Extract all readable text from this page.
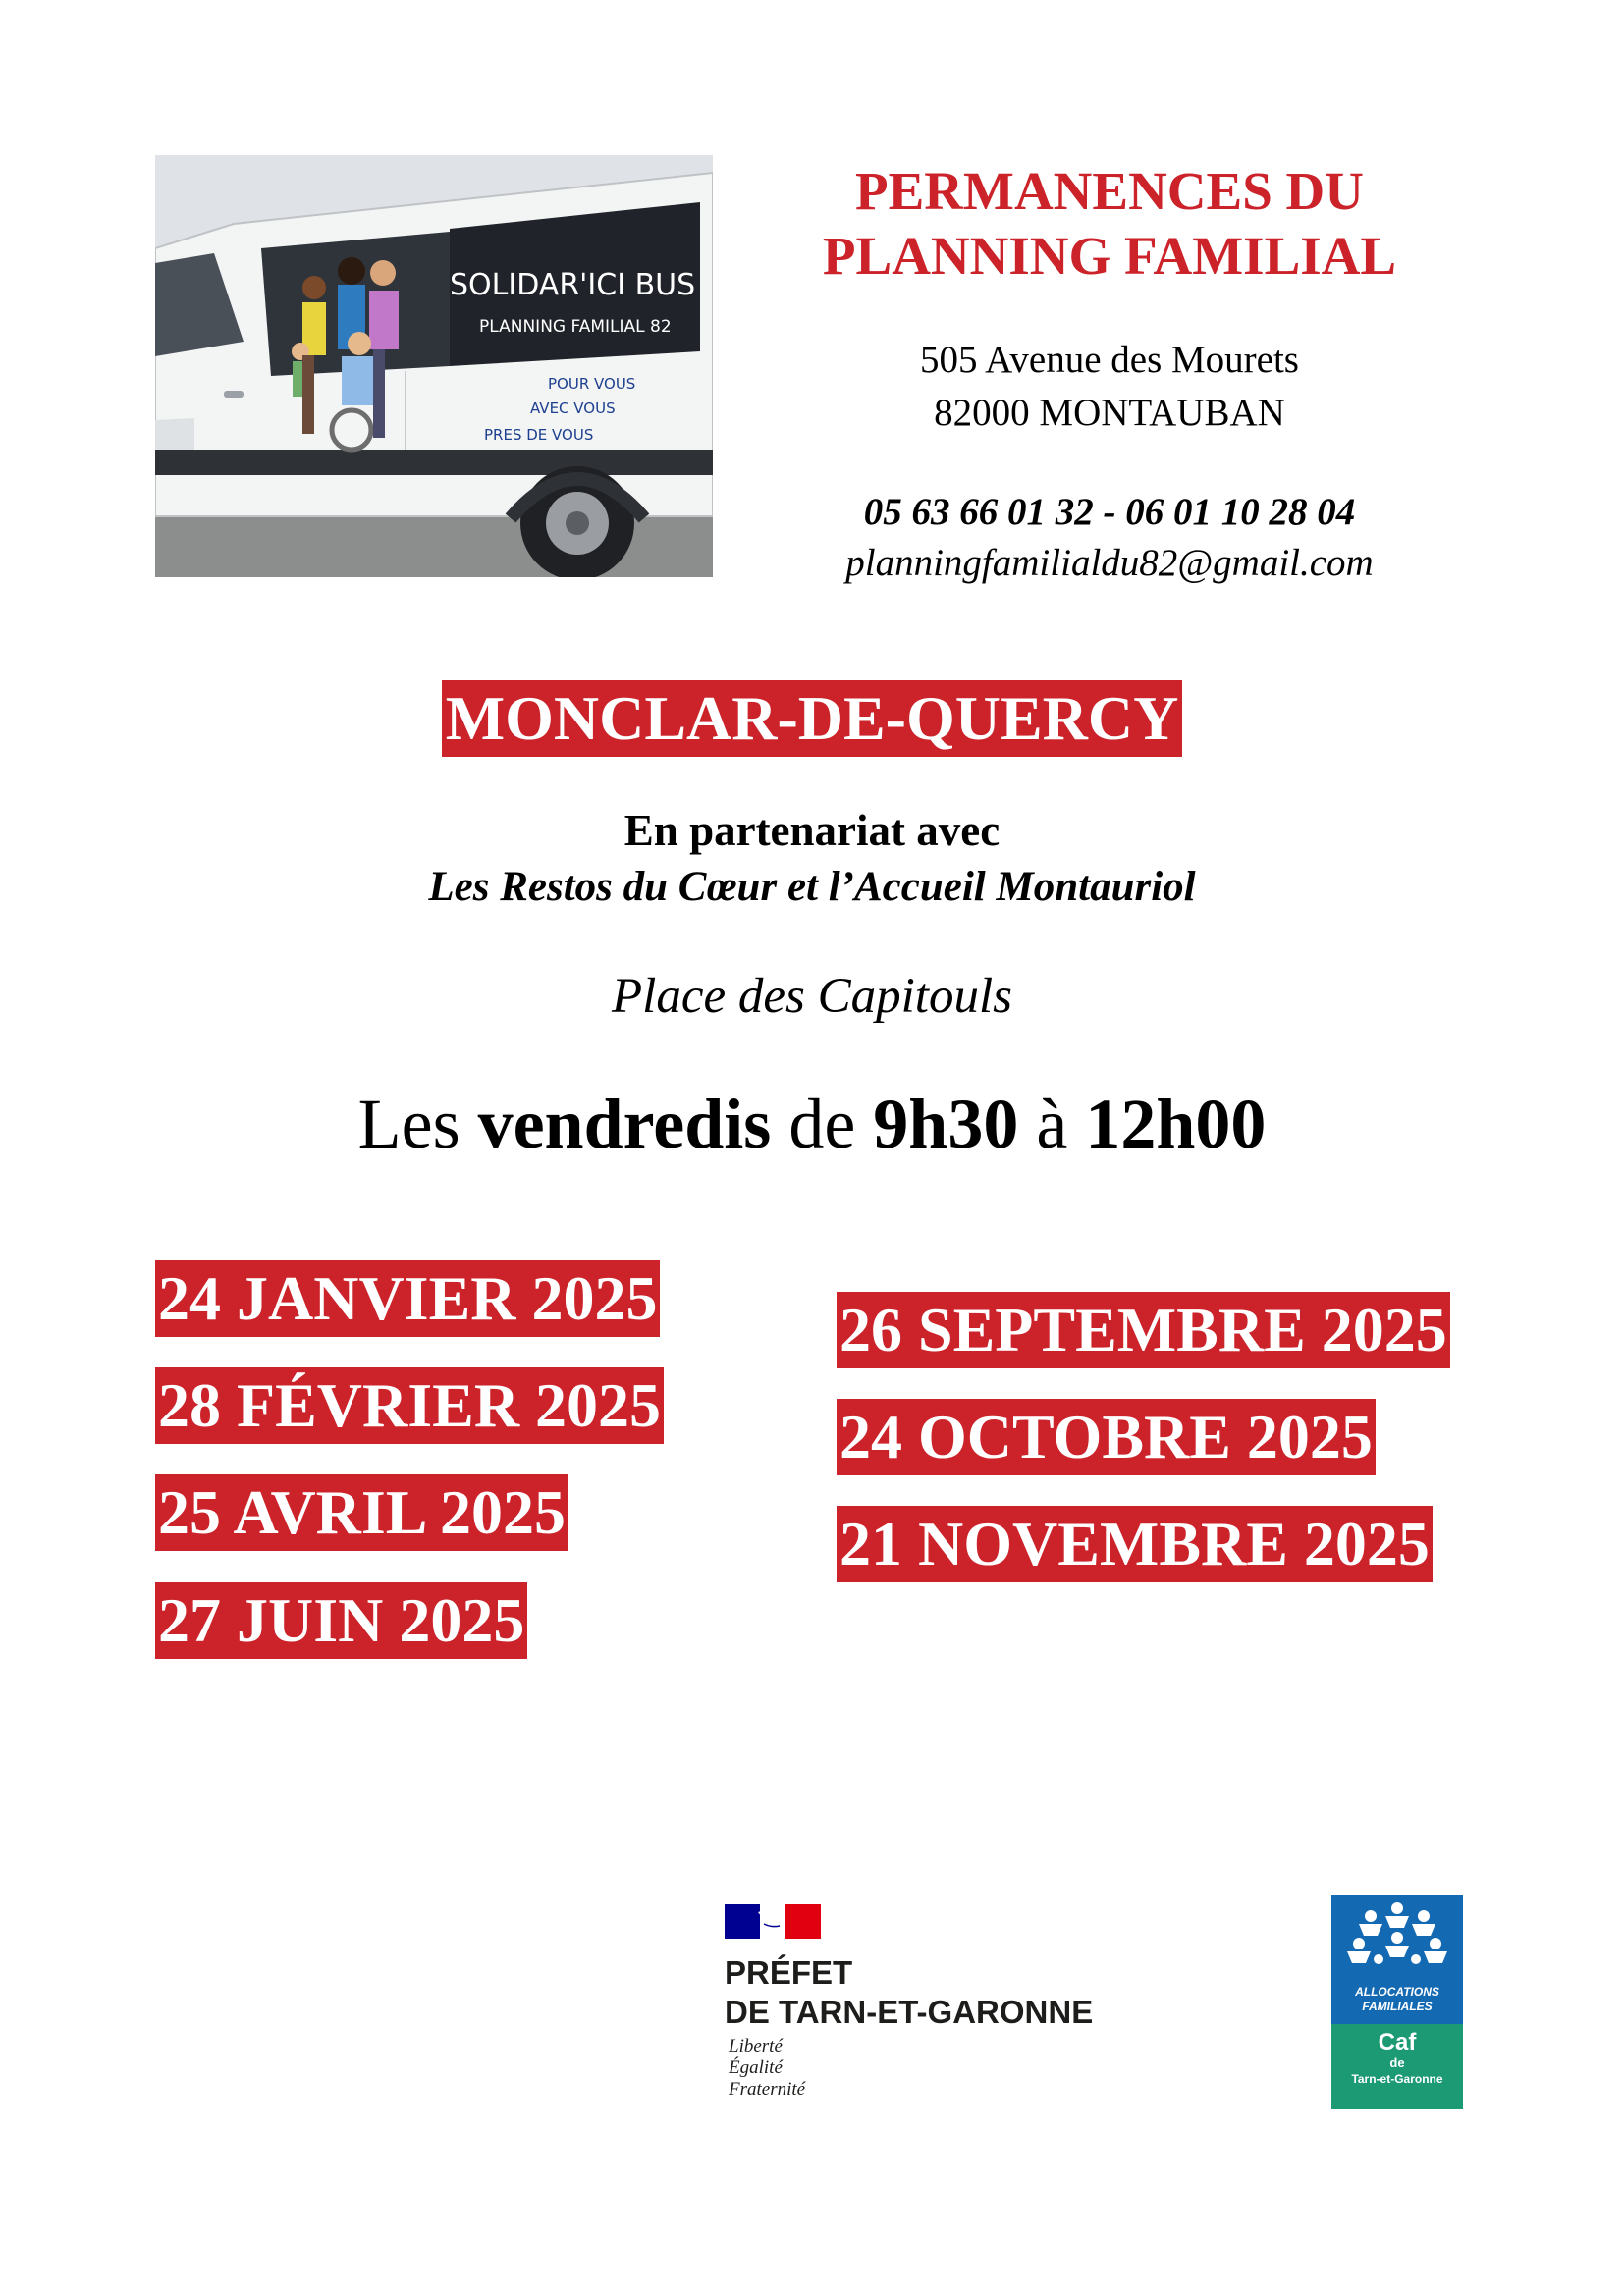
SOLIDAR'ICI BUS
PLANNING FAMILIAL 82
POUR VOUS
AVEC VOUS
PRES DE VOUS
PERMANENCES DU
PLANNING FAMILIAL
505 Avenue des Mourets
82000 MONTAUBAN
05 63 66 01 32 - 06 01 10 28 04
planningfamilialdu82@gmail.com
MONCLAR-DE-QUERCY
En partenariat avec
Les Restos du Cœur et l’Accueil Montauriol
Place des Capitouls
Les vendredis de 9h30 à 12h00
24 JANVIER 2025
28 FÉVRIER 2025
25 AVRIL 2025
27 JUIN 2025
26 SEPTEMBRE 2025
24 OCTOBRE 2025
21 NOVEMBRE 2025
PRÉFET
DE TARN-ET-GARONNE
Liberté
Égalité
Fraternité
ALLOCATIONS
FAMILIALES
Caf
de
Tarn-et-Garonne
